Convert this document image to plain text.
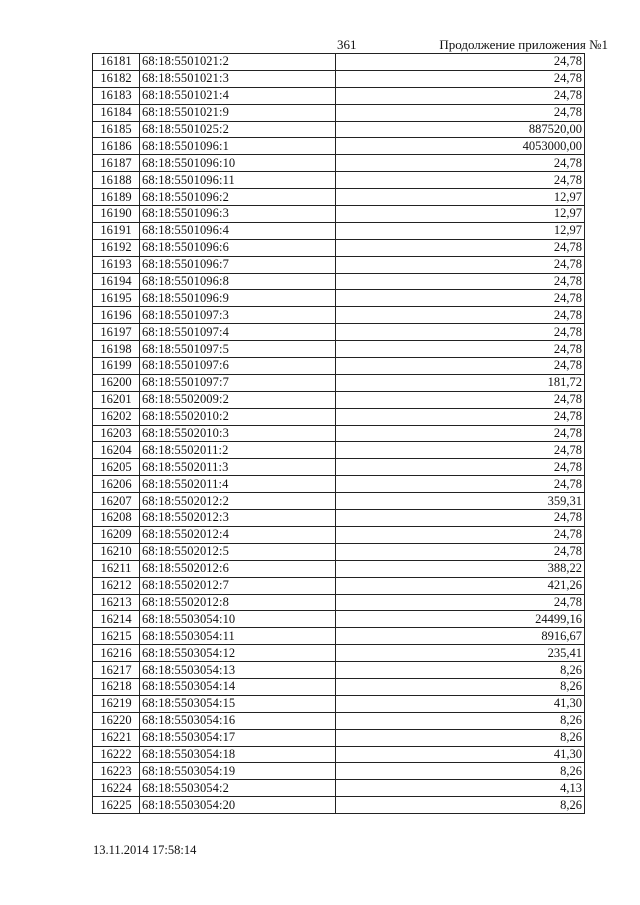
361	Продолжение приложения №1
16181	68:18:5501021:2	24,78
16182	68:18:5501021:3	24,78
16183	68:18:5501021:4	24,78
16184	68:18:5501021:9	24,78
16185	68:18:5501025:2	887520,00
16186	68:18:5501096:1	4053000,00
16187	68:18:5501096:10	24,78
16188	68:18:5501096:11	24,78
16189	68:18:5501096:2	12,97
16190	68:18:5501096:3	12,97
16191	68:18:5501096:4	12,97
16192	68:18:5501096:6	24,78
16193	68:18:5501096:7	24,78
16194	68:18:5501096:8	24,78
16195	68:18:5501096:9	24,78
16196	68:18:5501097:3	24,78
16197	68:18:5501097:4	24,78
16198	68:18:5501097:5	24,78
16199	68:18:5501097:6	24,78
16200	68:18:5501097:7	181,72
16201	68:18:5502009:2	24,78
16202	68:18:5502010:2	24,78
16203	68:18:5502010:3	24,78
16204	68:18:5502011:2	24,78
16205	68:18:5502011:3	24,78
16206	68:18:5502011:4	24,78
16207	68:18:5502012:2	359,31
16208	68:18:5502012:3	24,78
16209	68:18:5502012:4	24,78
16210	68:18:5502012:5	24,78
16211	68:18:5502012:6	388,22
16212	68:18:5502012:7	421,26
16213	68:18:5502012:8	24,78
16214	68:18:5503054:10	24499,16
16215	68:18:5503054:11	8916,67
16216	68:18:5503054:12	235,41
16217	68:18:5503054:13	8,26
16218	68:18:5503054:14	8,26
16219	68:18:5503054:15	41,30
16220	68:18:5503054:16	8,26
16221	68:18:5503054:17	8,26
16222	68:18:5503054:18	41,30
16223	68:18:5503054:19	8,26
16224	68:18:5503054:2	4,13
16225	68:18:5503054:20	8,26
13.11.2014 17:58:14
